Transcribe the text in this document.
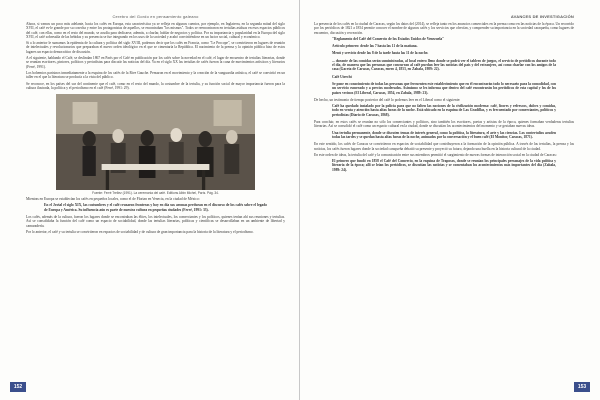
Cerebro del Gordo en pensamiento galeano

Ahora, si vamos un poco más adelante, hacia los cafés en Europa, esta característica ya se refleja en algunos cuentos, por ejemplo, en Inglaterra, en la segunda mitad del siglo XVII, el café es-le grande por su cosecha y entre los protagonistas de aquellos, se encontraban "los mismos". Todos se reencontraron en tertulias asiduas en esos espacios públicos del café, con ellas, como en el resto del mundo, se acudía para dedicarse, además, a charlar, hablar de negocios y política. Por su importancia y popularidad en la Europa del siglo XVII, el café sobresalía de las bebidas y su presencia se fue integrando en los usos de la sociedad y acabó convirtiéndose en un factor social, cultural y económico.

Si a lo anterior le sumamos la epidemia de la cultura y política del siglo XVIII, podemos decir que los cafés en Francia, como "Le Procope", se convirtieron en lugares de reunión de intelectuales y revolucionarios que preparaban el nuevo orden ideológico en el que se cimentaría la República. El nacimiento de la prensa y la opinión pública hizo de estos lugares un espacio democrático de discusión.

A el siguiente, hablando el Café, se deslindan 1867 en París por el Café en publicación por los cafés sobre la novedad en el café, el lugar de encuentro de tertulias literarias, donde se reunían escritores, pintores, políticos y periodistas para discutir las noticias del día. Ya en el siglo XX las tertulias de cafés fueron la cuna de movimientos artísticos y literarios (Ferré, 1991).

Los bohemios parisinos inmediatamente a la esquina de los cafés de la Rive Gauche. Pensaron en el movimiento y la creación de la vanguardia artística, el café se convirtió en un taller en el que la literatura se producía a la vista del público.

Se reconoce, en los países del sur del continente que el café, como en el resto del mundo, la costumbre de la tertulia, y su función social de mayor importancia fueron para la cultura ilustrada, la política y el periodismo en el café (Ferré, 1991: 29).

Fuente: Ferré Trellez (1991). La ceremonia del café. Editions Albin Michel, París. Pág. 34.

Mientras en Europa se establecían los cafés en pequeños locales, como el de Florian en Venecia, en la ciudad de México:

En el Jovial el siglo XIX, las costumbres y el café cruzaron fronteras y hoy en día sus aromas perduran en el discurso de los cafés sobre el legado de Europa y América. Su influencia aún es parte de nuestra cultura en pequeñas ciudades (Ferré, 1991: 33).

Los cafés, además de la cultura, fueron los lugares donde se encontraban las élites, los intelectuales, los comerciantes y los políticos, quienes tenían ahí sus reuniones y tertulias. Así se consolidaba la función del café como un espacio de sociabilidad, donde las tertulias literarias, políticas y científicas se desarrollaban en un ambiente de libertad y camaradería.

Por lo anterior, el café y su tertulia se convirtieron en espacios de sociabilidad y de cultura de gran importancia para la historia de la literatura y el periodismo.

152
AVANCES DE INVESTIGACIÓN

La presencia de los cafés en la ciudad de Caracas, según los datos del (2014), se refleja tanto en los anuncios comerciales en la prensa como en las noticias de la época. Un recorrido por los periódicos de 1821 a 1854 permite conocer el nombre de algunos cafés y los servicios que ofrecían, y comprender su importancia en la sociedad caraqueña, como lugares de encuentro, discusión y recreación.

"Reglamento del Café del Comercio de los Estados Unidos de Venezuela"
Artículo primero: desde las 7 hasta las 11 de la mañana.
Menú y servicio desde las 8 de la tarde hasta las 11 de la noche.
... durante de las comidas serán suministradas, al local entero lleno donde se podrá ver el tablero de juegos, el servicio de periódicos durante todo el día, de manera que las personas que concurran al café puedan leer las noticias del país y del extranjero, así como charlar con los amigos de la casa (Gaceta de Caracas, Caracas, enero 4, 1853, en Zabala, 1989: 22).
Café Utrecht
Se pone en conocimiento de todas las personas que frecuenten este establecimiento que en él encontrarán todo lo necesario para la comodidad, con un servicio esmerado y a precios moderados. Asimismo se les informa que dentro del café encontrarán los periódicos de esta capital y los de los países vecinos (El Liberal, Caracas, 1854, en Zabala, 1989: 23).

De hecho, un testimonio de tiempo posterior del café lo podemos leer en el Liberal como el siguiente:

Café ha quedado instalado por la policía para que no falten las nociones de la civilización moderna: café, licores y refrescos, dulces y comidas, todo en venta y atención hasta altas horas de la noche. Está ubicado en la esquina de Las Gradillas, y es frecuentado por comerciantes, políticos y periodistas (Diario de Caracas, 1868).

Para concluir, en estos cafés se reunían no sólo los comerciantes y políticos, sino también los escritores, poetas y artistas de la época, quienes formaban verdaderas tertulias literarias. Así se consolidó el café como un espacio cultural en la ciudad, donde se discutían los acontecimientos del momento y se gestaban nuevas ideas.

Una tertulia permanente, donde se discuten temas de interés general, como la política, la literatura, el arte y las ciencias. Los contertulios acuden todas las tardes y se quedan hasta altas horas de la noche, animados por la conversación y el buen café (El Monitor, Caracas, 1871).

En este sentido, los cafés de Caracas se convirtieron en espacios de sociabilidad que contribuyeron a la formación de la opinión pública. A través de las tertulias, la prensa y las noticias, los cafés fueron lugares donde la sociedad caraqueña debatió su presente y proyectó su futuro, dejando una huella en la historia cultural de la ciudad.

En este orden de ideas, la tertulia del café y la comunicación entre sus miembros permitió el surgimiento de nuevas formas de interacción social en la ciudad de Caracas:

El primero que fundó en 1858 el Café del Comercio, en la esquina de Traposos, donde se reunían los principales personajes de la vida política y literaria de la época; allí se leían los periódicos, se discutían las noticias y se comentaban los acontecimientos más importantes del día (Zabala, 1989: 24).
153
